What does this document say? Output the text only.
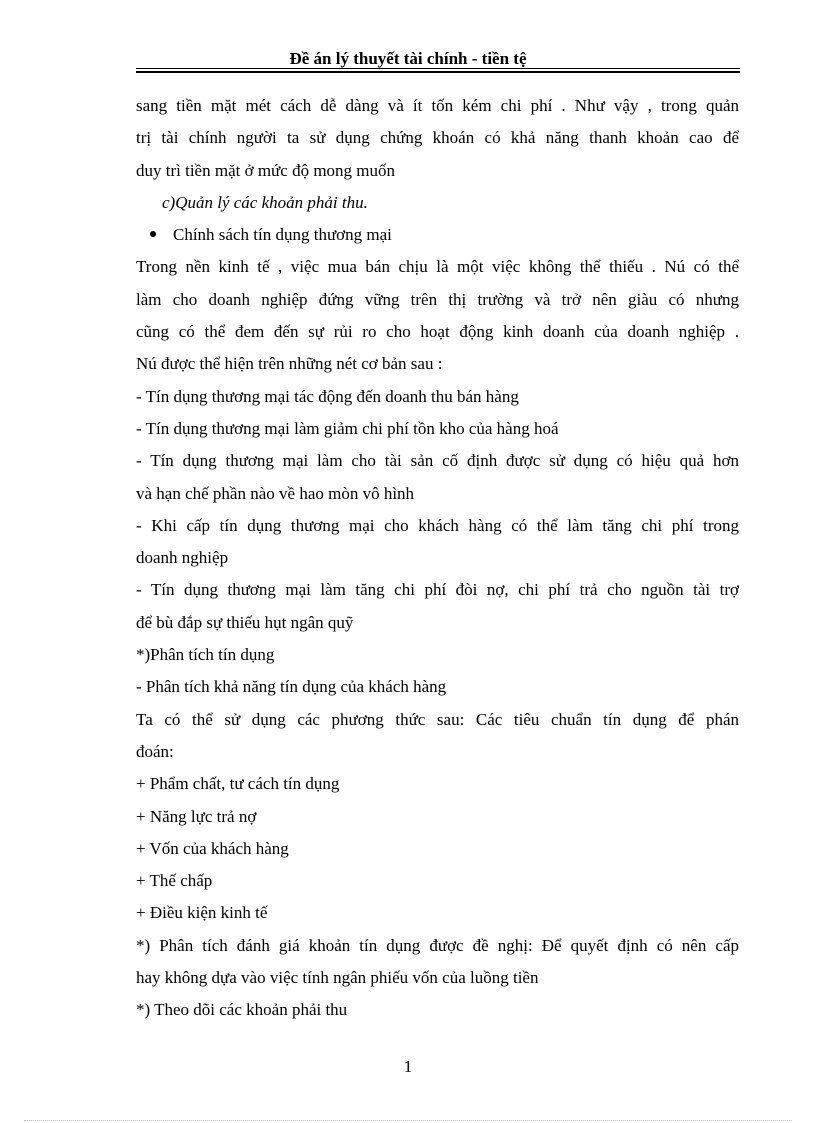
Đề án lý thuyết tài chính - tiền tệ
sang tiền mặt mét cách dễ dàng và ít tốn kém chi phí . Như vậy , trong quản
trị tài chính người ta sử dụng chứng khoán có khả năng thanh khoản cao để
duy trì tiền mặt ở mức độ mong muốn
c)Quản lý các khoản phải thu.
Chính sách tín dụng thương mại
Trong nền kinh tế , việc mua bán chịu là một việc không thể thiếu . Nú có thể
làm cho doanh nghiệp đứng vững trên thị trường và trở nên giàu có nhưng
cũng có thể đem đến sự rủi ro cho hoạt động kinh doanh của doanh nghiệp .
Nú được thể hiện trên những nét cơ bản sau :
- Tín dụng thương mại tác động đến doanh thu bán hàng
- Tín dụng thương mại làm giảm chi phí tồn kho của hàng hoá
- Tín dụng thương mại làm cho tài sản cố định được sử dụng có hiệu quả hơn
và hạn chế phần nào về hao mòn vô hình
- Khi cấp tín dụng thương mại cho khách hàng có thể làm tăng chi phí trong
doanh nghiệp
- Tín dụng thương mại làm tăng chi phí đòi nợ, chi phí trả cho nguồn tài trợ
để bù đắp sự thiếu hụt ngân quỹ
*)Phân tích tín dụng
- Phân tích khả năng tín dụng của khách hàng
Ta có thể sử dụng các phương thức sau: Các tiêu chuẩn tín dụng để phán
đoán:
+ Phẩm chất, tư cách tín dụng
+ Năng lực trả nợ
+ Vốn của khách hàng
+ Thế chấp
+ Điều kiện kinh tế
*) Phân tích đánh giá khoản tín dụng được đề nghị: Để quyết định có nên cấp
hay không dựa vào việc tính ngân phiếu vốn của luồng tiền
*) Theo dõi các khoản phải thu
1
